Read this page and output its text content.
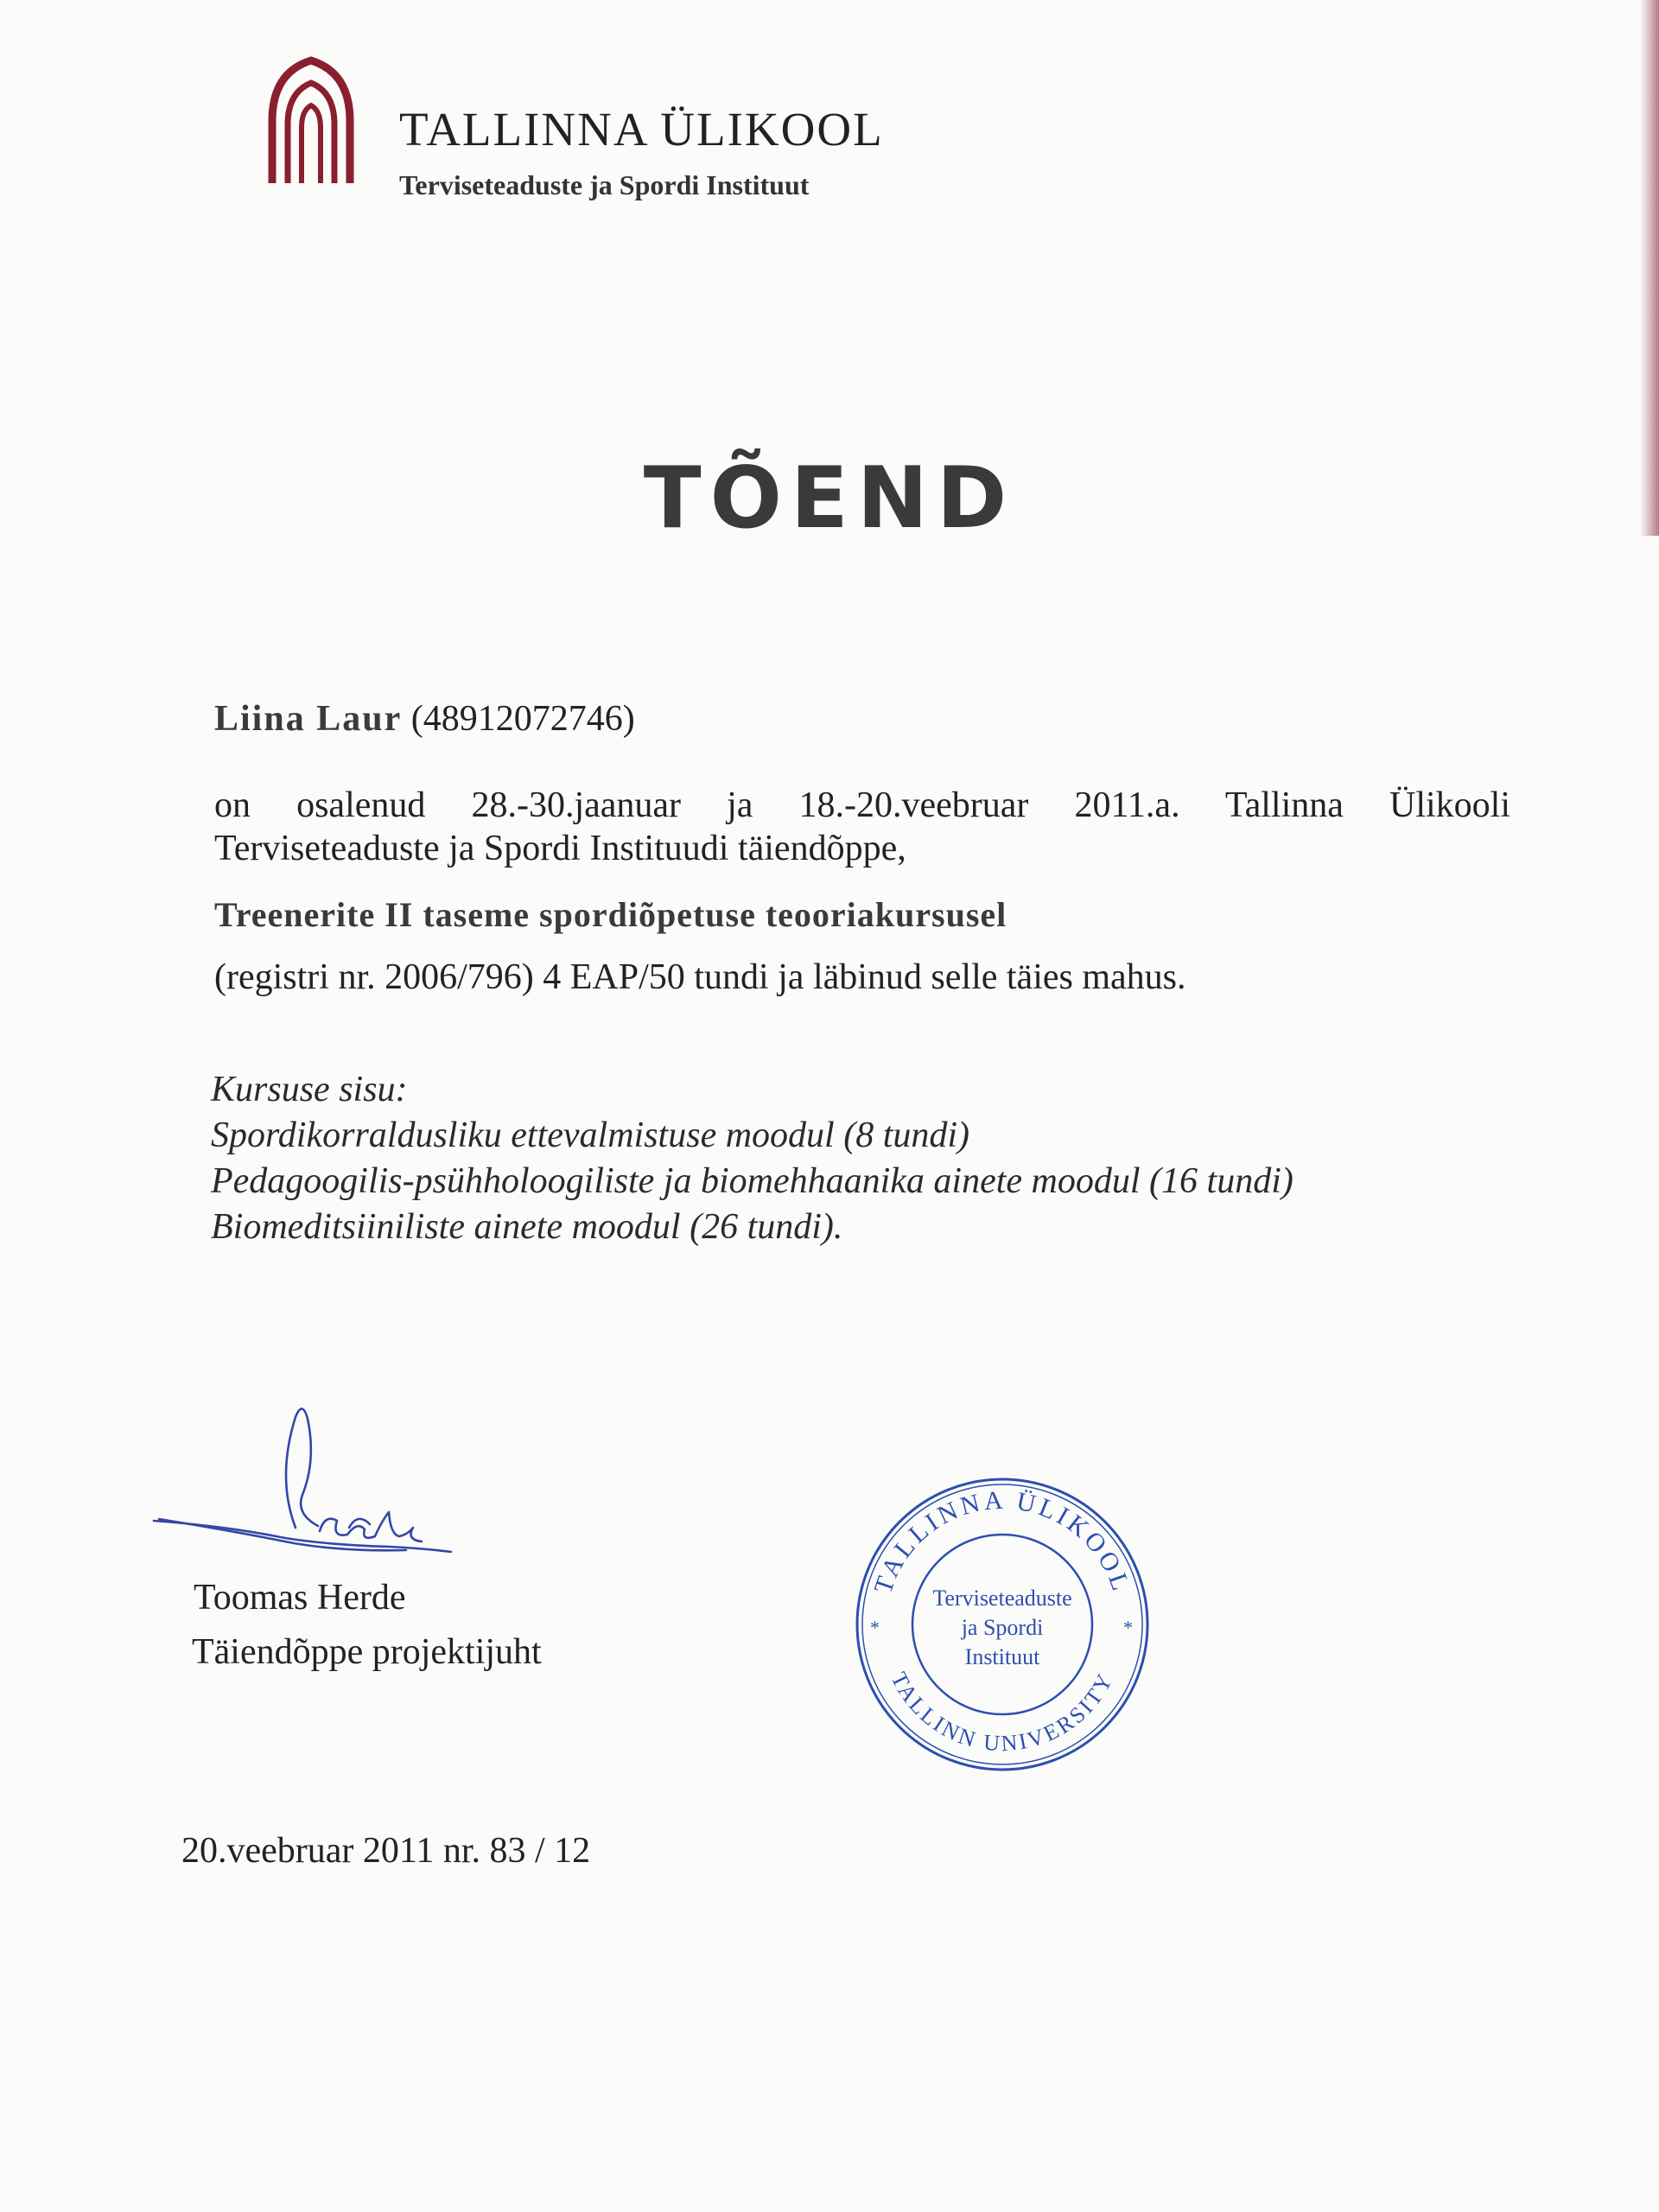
TALLINNA ÜLIKOOL
Terviseteaduste ja Spordi Instituut
TÕEND
Liina Laur (48912072746)
on osalenud 28.-30.jaanuar ja 18.-20.veebruar 2011.a. Tallinna Ülikooli
Terviseteaduste ja Spordi Instituudi täiendõppe,
Treenerite II taseme spordiõpetuse teooriakursusel
(registri nr. 2006/796) 4 EAP/50 tundi ja läbinud selle täies mahus.
Kursuse sisu:
Spordikorraldusliku ettevalmistuse moodul (8 tundi)
Pedagoogilis-psühholoogiliste ja biomehhaanika ainete moodul (16 tundi)
Biomeditsiiniliste ainete moodul (26 tundi).
Toomas Herde
Täiendõppe projektijuht
TALLINNA ÜLIKOOL
TALLINN UNIVERSITY
*	*
Terviseteaduste
ja Spordi
Instituut
20.veebruar 2011 nr. 83 / 12
